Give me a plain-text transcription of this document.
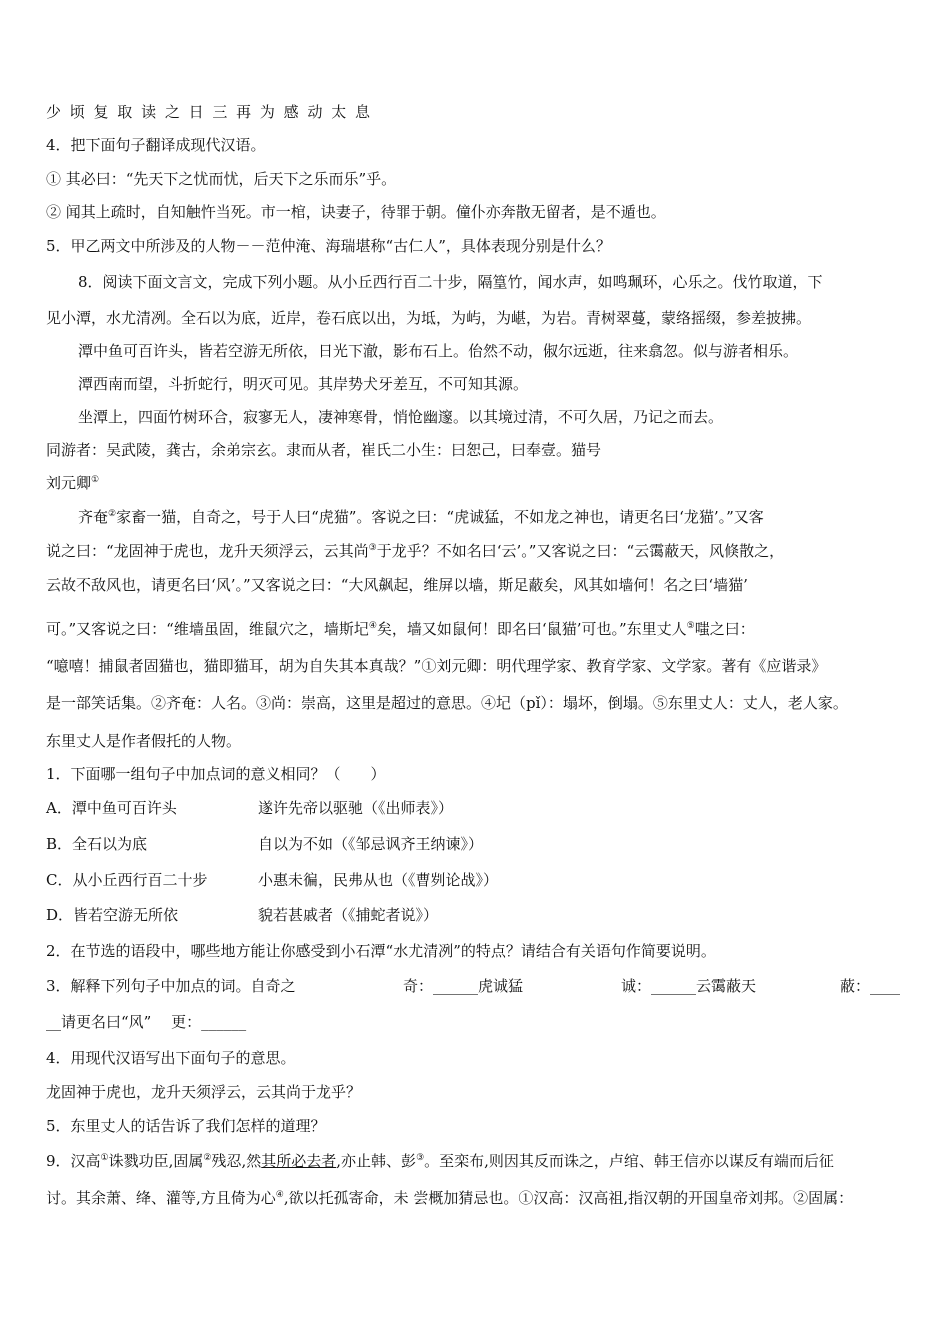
少 顷 复 取 读 之 日 三 再 为 感 动 太 息
4．把下面句子翻译成现代汉语。
① 其必曰：“先天下之忧而忧，后天下之乐而乐”乎。
② 闻其上疏时，自知触忤当死。市一棺，诀妻子，待罪于朝。僮仆亦奔散无留者，是不遁也。
5．甲乙两文中所涉及的人物－－范仲淹、海瑞堪称“古仁人”，具体表现分别是什么？
8．阅读下面文言文，完成下列小题。从小丘西行百二十步，隔篁竹，闻水声，如鸣珮环，心乐之。伐竹取道，下
见小潭，水尤清冽。全石以为底，近岸，卷石底以出，为坻，为屿，为嵁，为岩。青树翠蔓，蒙络摇缀，参差披拂。
潭中鱼可百许头，皆若空游无所依，日光下澈，影布石上。佁然不动，俶尔远逝，往来翕忽。似与游者相乐。
潭西南而望，斗折蛇行，明灭可见。其岸势犬牙差互，不可知其源。
坐潭上，四面竹树环合，寂寥无人，凄神寒骨，悄怆幽邃。以其境过清，不可久居，乃记之而去。
同游者：吴武陵，龚古，余弟宗玄。隶而从者，崔氏二小生：曰恕己，曰奉壹。猫号
刘元卿①
齐奄②家畜一猫，自奇之，号于人曰“虎猫”。客说之曰：“虎诚猛，不如龙之神也，请更名曰‘龙猫’。”又客
说之曰：“龙固神于虎也，龙升天须浮云，云其尚③于龙乎？不如名曰‘云’。”又客说之曰：“云霭蔽天，风倏散之，
云故不敌风也，请更名曰‘风’。”又客说之曰：“大风飙起，维屏以墙，斯足蔽矣，风其如墙何！名之曰‘墙猫’
可。”又客说之曰：“维墙虽固，维鼠穴之，墙斯圮④矣，墙又如鼠何！即名曰‘鼠猫’可也。”东里丈人⑤嗤之曰：
“噫嘻！捕鼠者固猫也，猫即猫耳，胡为自失其本真哉？”①刘元卿：明代理学家、教育学家、文学家。著有《应谐录》
是一部笑话集。②齐奄：人名。③尚：崇高，这里是超过的意思。④圮（pǐ）：塌坏，倒塌。⑤东里丈人：丈人，老人家。
东里丈人是作者假托的人物。
1．下面哪一组句子中加点词的意义相同？（　　）
A．潭中鱼可百许头	遂许先帝以驱驰（《出师表》）
B．全石以为底	自以为不如（《邹忌讽齐王纳谏》）
C．从小丘西行百二十步	小惠未徧，民弗从也（《曹刿论战》）
D．皆若空游无所依	貌若甚戚者（《捕蛇者说》）
2．在节选的语段中，哪些地方能让你感受到小石潭“水尤清冽”的特点？请结合有关语句作简要说明。
3．解释下列句子中加点的词。自奇之	奇：______虎诚猛	诚：______云霭蔽天	蔽：____
__请更名曰“风”　 更：______
4．用现代汉语写出下面句子的意思。
龙固神于虎也，龙升天须浮云，云其尚于龙乎？
5．东里丈人的话告诉了我们怎样的道理？
9．汉高①诛戮功臣,固属②残忍,然其所必去者,亦止韩、彭③。至栾布,则因其反而诛之，卢绾、韩王信亦以谋反有端而后征
讨。其余萧、绛、灌等,方且倚为心④,欲以托孤寄命，未 尝概加猜忌也。①汉高：汉高祖,指汉朝的开国皇帝刘邦。②固属：
